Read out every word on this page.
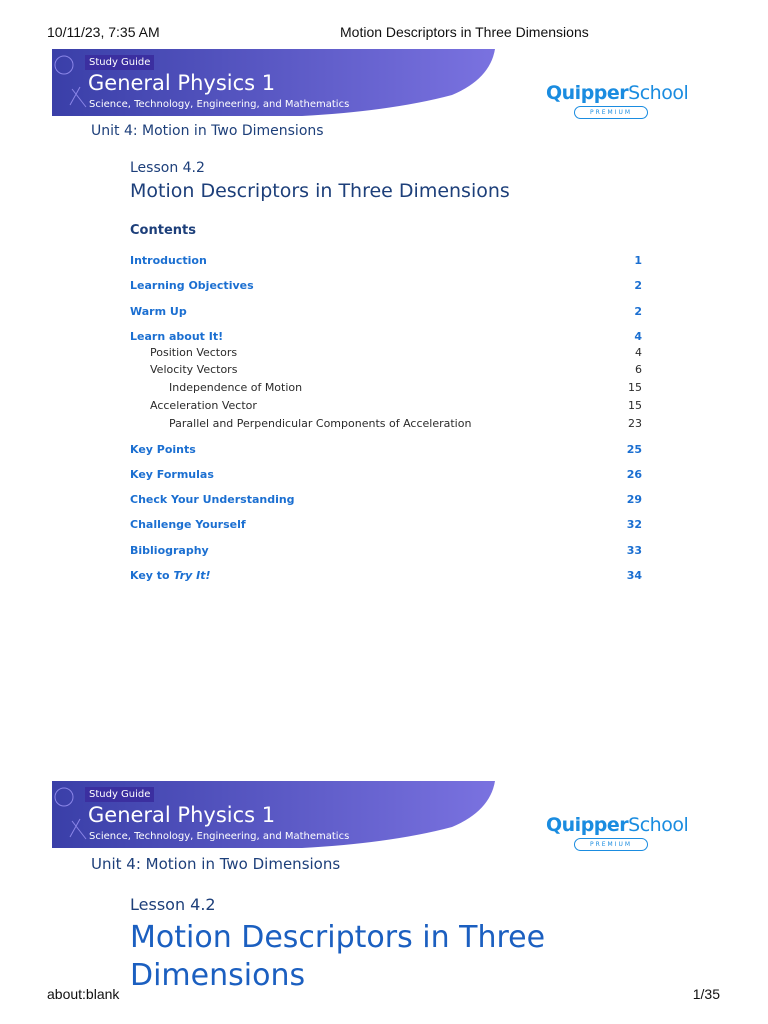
10/11/23, 7:35 AM	Motion Descriptors in Three Dimensions
Study Guide
General Physics 1
Science, Technology, Engineering, and Mathematics
QuipperSchool
PREMIUM
Unit 4: Motion in Two Dimensions
Lesson 4.2
Motion Descriptors in Three Dimensions
Contents
Introduction	1
Learning Objectives	2
Warm Up	2
Learn about It!	4
Position Vectors	4
Velocity Vectors	6
Independence of Motion	15
Acceleration Vector	15
Parallel and Perpendicular Components of Acceleration	23
Key Points	25
Key Formulas	26
Check Your Understanding	29
Challenge Yourself	32
Bibliography	33
Key to Try It!	34
Study Guide
General Physics 1
Science, Technology, Engineering, and Mathematics
QuipperSchool
PREMIUM
Unit 4: Motion in Two Dimensions
Lesson 4.2
Motion Descriptors in Three
Dimensions
about:blank	1/35
